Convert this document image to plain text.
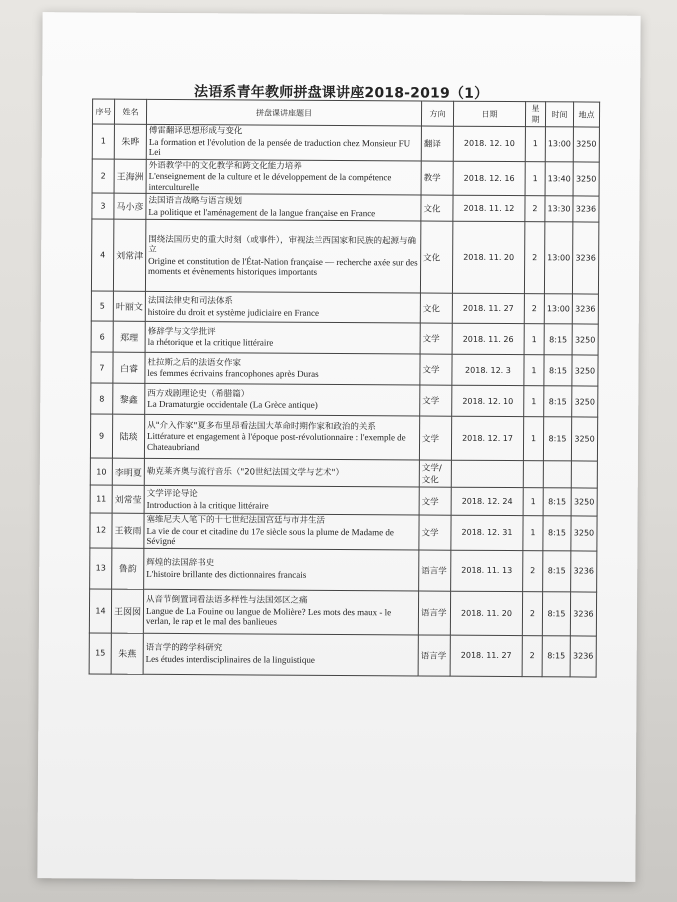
法语系青年教师拼盘课讲座2018-2019（1）
序号	姓名	拼盘课讲座题目	方向	日期	星期	时间	地点
1	朱晔	傅雷翻译思想形成与变化
La formation et l'évolution de la pensée de traduction chez Monsieur FU Lei	翻译	2018. 12. 10	1	13:00	3250
2	王海洲	外语教学中的文化教学和跨文化能力培养
L'enseignement de la culture et le développement de la compétence interculturelle	教学	2018. 12. 16	1	13:40	3250
3	马小彦	法国语言战略与语言规划
La politique et l'aménagement de la langue française en France	文化	2018. 11. 12	2	13:30	3236
4	刘常津	围绕法国历史的重大时刻（或事件），审视法兰西国家和民族的起源与确立
Origine et constitution de l'État-Nation française — recherche axée sur des moments et évènements historiques importants	文化	2018. 11. 20	2	13:00	3236
5	叶丽文	法国法律史和司法体系
histoire du droit et système judiciaire en France	文化	2018. 11. 27	2	13:00	3236
6	郑理	修辞学与文学批评
la rhétorique et la critique littéraire	文学	2018. 11. 26	1	8:15	3250
7	白睿	杜拉斯之后的法语女作家
les femmes écrivains francophones après Duras	文学	2018. 12. 3	1	8:15	3250
8	黎鑫	西方戏剧理论史（希腊篇）
La Dramaturgie occidentale (La Grèce antique)	文学	2018. 12. 10	1	8:15	3250
9	陆琰	从"介入作家"夏多布里昂看法国大革命时期作家和政治的关系
Littérature et engagement à l'époque post-révolutionnaire : l'exemple de Chateaubriand	文学	2018. 12. 17	1	8:15	3250
10	李明夏	勒克莱齐奥与流行音乐（"20世纪法国文学与艺术"）	文学/文化				
11	刘常莹	文学评论导论
Introduction à la critique littéraire	文学	2018. 12. 24	1	8:15	3250
12	王筱雨	塞维尼夫人笔下的十七世纪法国宫廷与市井生活
La vie de cour et citadine du 17e siècle sous la plume de Madame de Sévigné	文学	2018. 12. 31	1	8:15	3250
13	鲁韵	辉煌的法国辞书史
L'histoire brillante des dictionnaires francais	语言学	2018. 11. 13	2	8:15	3236
14	王囡囡	从音节倒置词看法语多样性与法国郊区之痛
Langue de La Fouine ou langue de Molière? Les mots des maux - le verlan, le rap et le mal des banlieues	语言学	2018. 11. 20	2	8:15	3236
15	朱燕	语言学的跨学科研究
Les études interdisciplinaires de la linguistique	语言学	2018. 11. 27	2	8:15	3236
